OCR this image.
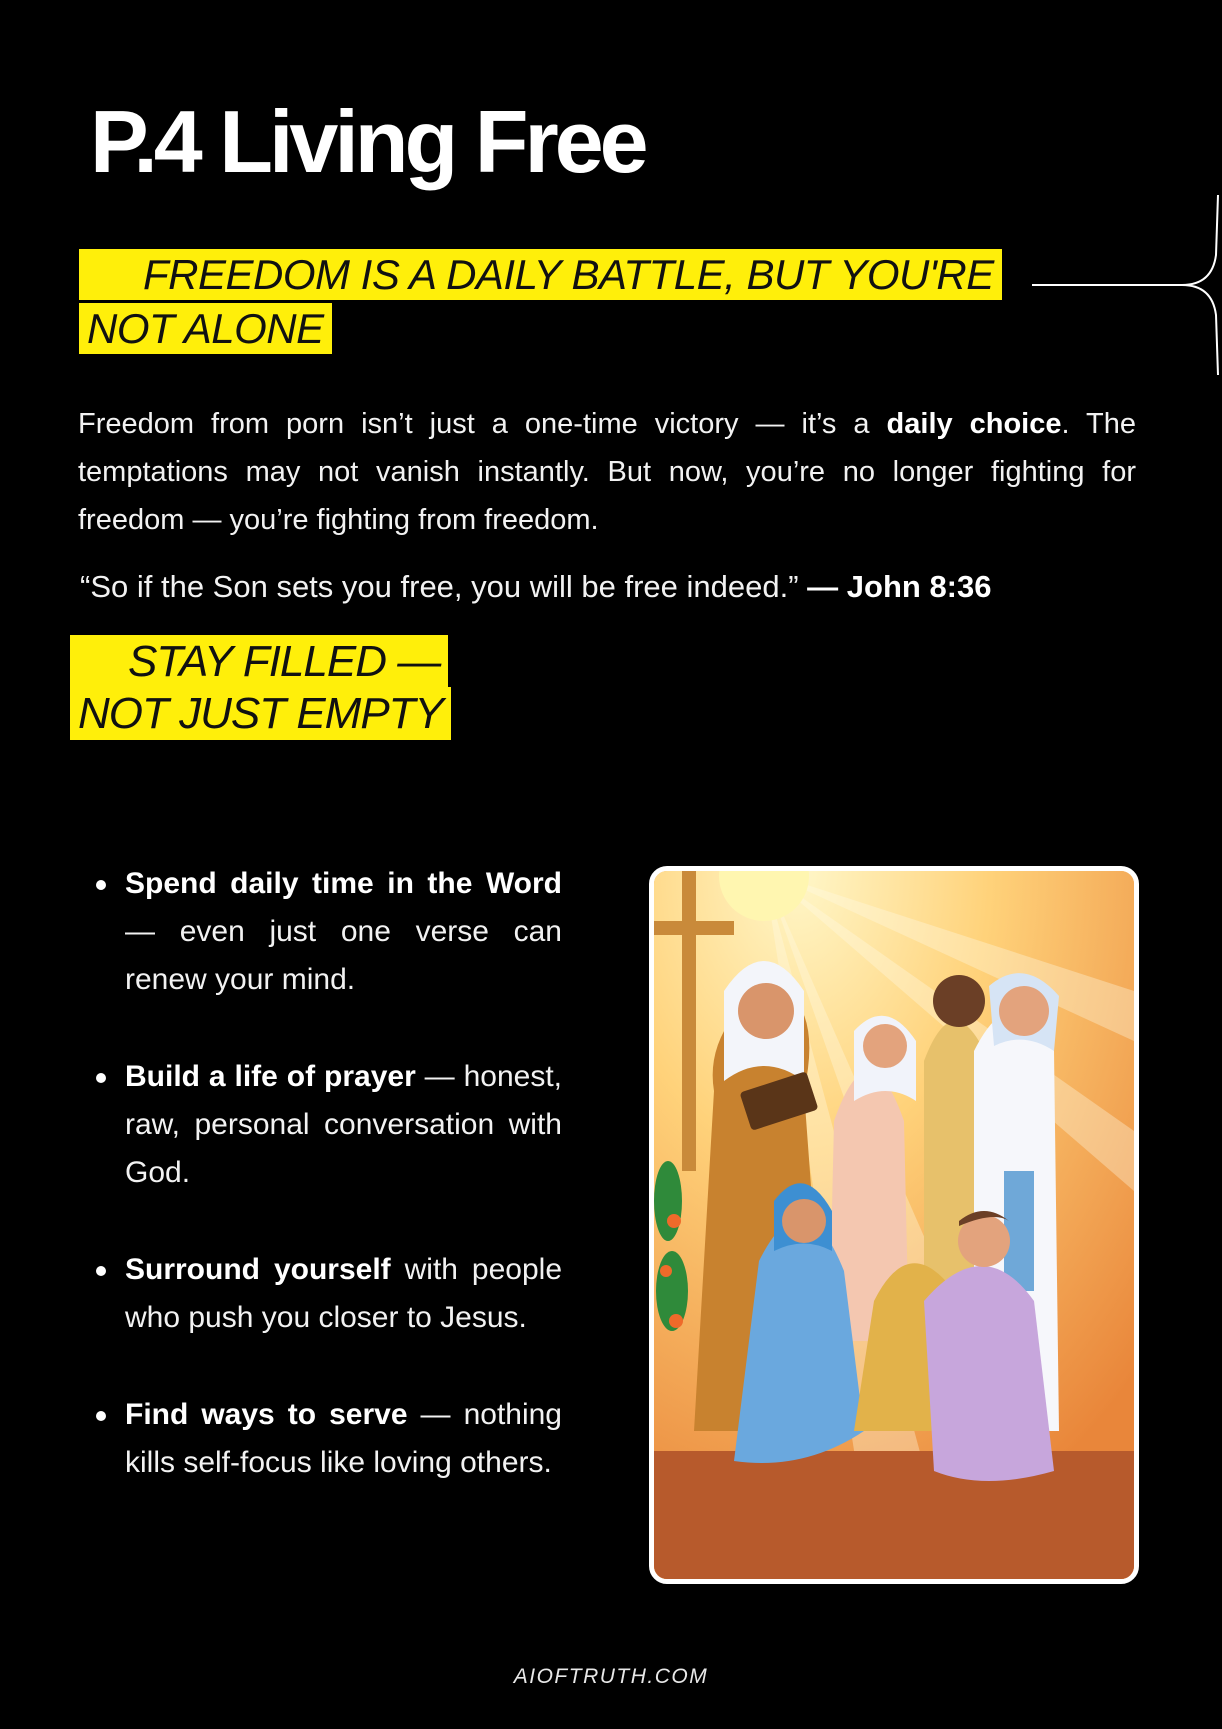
P.4 Living Free
FREEDOM IS A DAILY BATTLE, BUT YOU'RE NOT ALONE

Freedom from porn isn’t just a one-time victory — it’s a daily choice. The temptations may not vanish instantly. But now, you’re no longer fighting for freedom — you’re fighting from freedom.

“So if the Son sets you free, you will be free indeed.” — John 8:36

STAY FILLED —
NOT JUST EMPTY
Spend daily time in the Word — even just one verse can renew your mind.
Build a life of prayer — honest, raw, personal conversation with God.
Surround yourself with people who push you closer to Jesus.
Find ways to serve — nothing kills self-focus like loving others.
AIOFTRUTH.COM
